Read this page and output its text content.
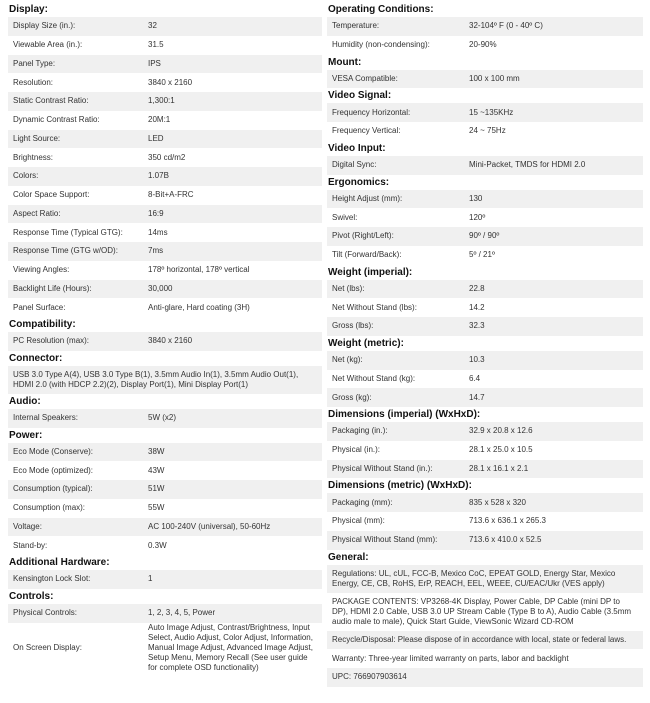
Display:
Display Size (in.):	32
Viewable Area (in.):	31.5
Panel Type:	IPS
Resolution:	3840 x 2160
Static Contrast Ratio:	1,300:1
Dynamic Contrast Ratio:	20M:1
Light Source:	LED
Brightness:	350 cd/m2
Colors:	1.07B
Color Space Support:	8-Bit+A-FRC
Aspect Ratio:	16:9
Response Time (Typical GTG):	14ms
Response Time (GTG w/OD):	7ms
Viewing Angles:	178º horizontal, 178º vertical
Backlight Life (Hours):	30,000
Panel Surface:	Anti-glare, Hard coating (3H)
Compatibility:
PC Resolution (max):	3840 x 2160
Connector:
USB 3.0 Type A(4), USB 3.0 Type B(1), 3.5mm Audio In(1), 3.5mm Audio Out(1), HDMI 2.0 (with HDCP 2.2)(2), Display Port(1), Mini Display Port(1)
Audio:
Internal Speakers:	5W (x2)
Power:
Eco Mode (Conserve):	38W
Eco Mode (optimized):	43W
Consumption (typical):	51W
Consumption (max):	55W
Voltage:	AC 100-240V (universal), 50-60Hz
Stand-by:	0.3W
Additional Hardware:
Kensington Lock Slot:	1
Controls:
Physical Controls:	1, 2, 3, 4, 5, Power
On Screen Display:
Auto Image Adjust, Contrast/Brightness, Input Select, Audio Adjust, Color Adjust, Information, Manual Image Adjust, Advanced Image Adjust, Setup Menu, Memory Recall (See user guide for complete OSD functionality)
Operating Conditions:
Temperature:	32-104º F (0 - 40º C)
Humidity (non-condensing):	20-90%
Mount:
VESA Compatible:	100 x 100 mm
Video Signal:
Frequency Horizontal:	15 ~135KHz
Frequency Vertical:	24 ~ 75Hz
Video Input:
Digital Sync:	Mini-Packet, TMDS for HDMI 2.0
Ergonomics:
Height Adjust (mm):	130
Swivel:	120º
Pivot (Right/Left):	90º / 90º
Tilt (Forward/Back):	5º / 21º
Weight (imperial):
Net (lbs):	22.8
Net Without Stand (lbs):	14.2
Gross (lbs):	32.3
Weight (metric):
Net (kg):	10.3
Net Without Stand (kg):	6.4
Gross (kg):	14.7
Dimensions (imperial) (WxHxD):
Packaging (in.):	32.9 x 20.8 x 12.6
Physical (in.):	28.1 x 25.0 x 10.5
Physical Without Stand (in.):	28.1 x 16.1 x 2.1
Dimensions (metric) (WxHxD):
Packaging (mm):	835 x 528 x 320
Physical (mm):	713.6 x 636.1 x 265.3
Physical Without Stand (mm):	713.6 x 410.0 x 52.5
General:
Regulations: UL, cUL, FCC-B, Mexico CoC, EPEAT GOLD, Energy Star, Mexico Energy, CE, CB, RoHS, ErP, REACH, EEL, WEEE, CU/EAC/Ukr (VES apply)
PACKAGE CONTENTS: VP3268-4K Display, Power Cable, DP Cable (mini DP to DP), HDMI 2.0 Cable, USB 3.0 UP Stream Cable (Type B to A), Audio Cable (3.5mm audio male to male), Quick Start Guide, ViewSonic Wizard CD-ROM
Recycle/Disposal: Please dispose of in accordance with local, state or federal laws.
Warranty: Three-year limited warranty on parts, labor and backlight
UPC: 766907903614
